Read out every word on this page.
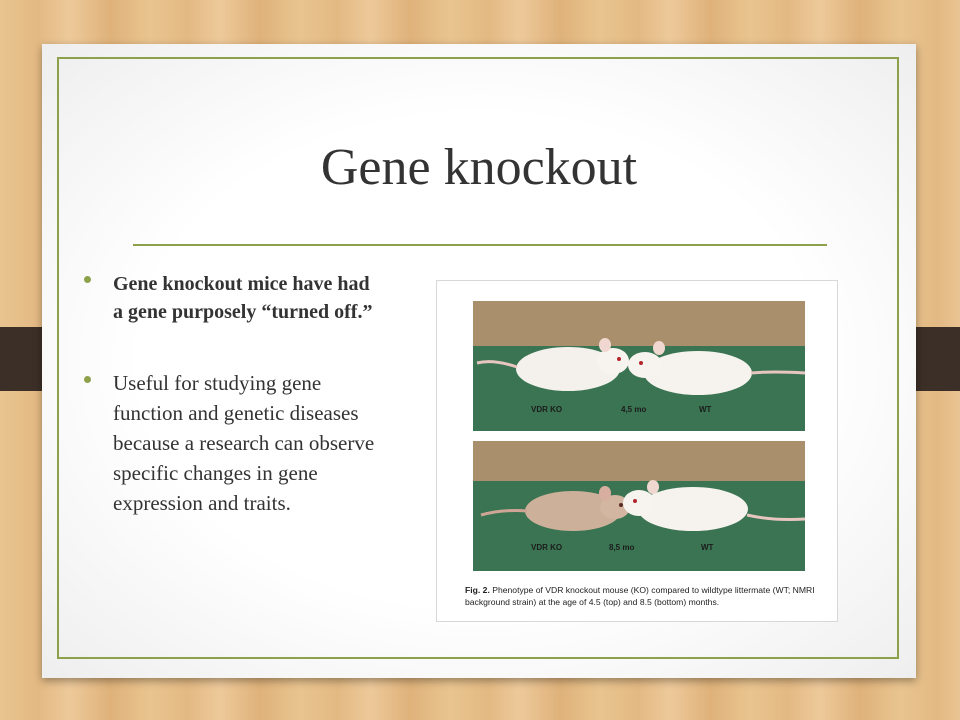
Gene knockout
Gene knockout mice have had a gene purposely “turned off.”
Useful for studying gene function and genetic diseases because a research can observe specific changes in gene expression and traits.
VDR KO	4,5 mo	WT
VDR KO	8,5 mo	WT
Fig. 2. Phenotype of VDR knockout mouse (KO) compared to wildtype littermate (WT; NMRI background strain) at the age of 4.5 (top) and 8.5 (bottom) months.
